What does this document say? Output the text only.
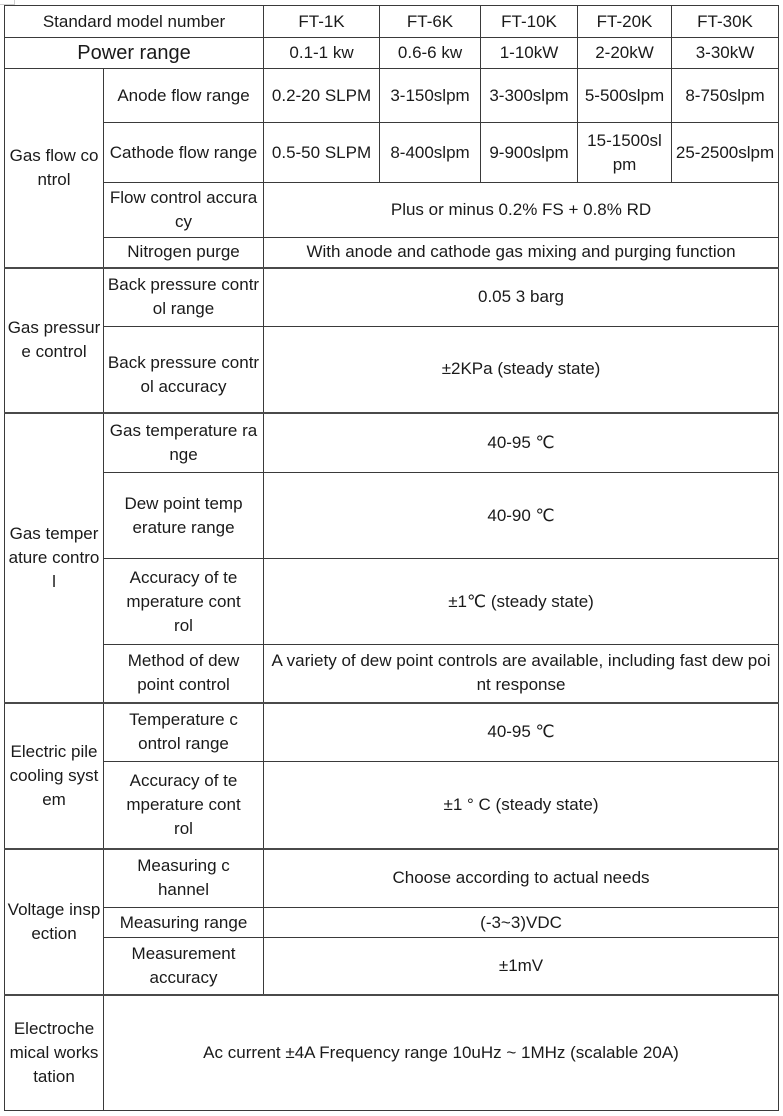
Standard model number		FT-1K	FT-6K	FT-10K	FT-20K	FT-30K
Power range		0.1-1 kw	0.6-6 kw	1-10kW	2-20kW	3-30kW
Gas flow control	Anode flow range	0.2-20 SLPM	3-150slpm	3-300slpm	5-500slpm	8-750slpm
	Cathode flow range	0.5-50 SLPM	8-400slpm	9-900slpm	15-1500slpm	25-2500slpm
	Flow control accuracy	Plus or minus 0.2% FS + 0.8% RD				
	Nitrogen purge	With anode and cathode gas mixing and purging function				
Gas pressure control	Back pressure control range	0.05 3 barg				
	Back pressure control accuracy	±2KPa (steady state)				
Gas temperature control	Gas temperature range	40-95 ℃				
	Dew point temperature range	40-90 ℃				
	Accuracy of temperature control	±1℃ (steady state)				
	Method of dew point control	A variety of dew point controls are available, including fast dew point response				
Electric pile cooling system	Temperature control range	40-95 ℃				
	Accuracy of temperature control	±1 ° C (steady state)				
Voltage inspection	Measuring channel	Choose according to actual needs				
	Measuring range	(-3~3)VDC				
	Measurement accuracy	±1mV				
Electrochemical workstation	Ac current ±4A Frequency range 10uHz ~ 1MHz (scalable 20A)					
